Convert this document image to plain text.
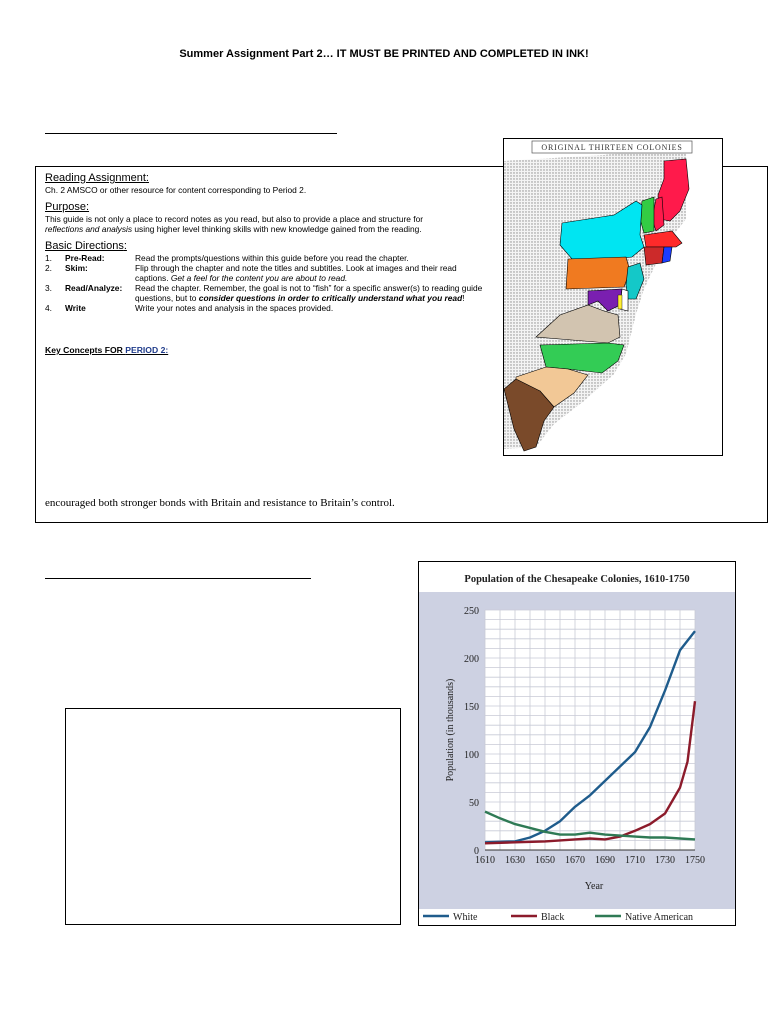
Summer Assignment Part 2… IT MUST BE PRINTED AND COMPLETED IN INK!
Reading Assignment:
Ch. 2 AMSCO or other resource for content corresponding to Period 2.
Purpose:
This guide is not only a place to record notes as you read, but also to provide a place and structure for
reflections and analysis using higher level thinking skills with new knowledge gained from the reading.
Basic Directions:
1.	Pre-Read:	Read the prompts/questions within this guide before you read the chapter.
2.	Skim:	Flip through the chapter and note the titles and subtitles. Look at images and their read captions. Get a feel for the content you are about to read.
3.	Read/Analyze:	Read the chapter. Remember, the goal is not to “fish” for a specific answer(s) to reading guide questions, but to consider questions in order to critically understand what you read!
4.	Write	Write your notes and analysis in the spaces provided.
Key Concepts FOR PERIOD 2:
encouraged both stronger bonds with Britain and resistance to Britain’s control.
ORIGINAL THIRTEEN COLONIES
Population of the Chesapeake Colonies, 1610-1750
0
50
100
150
200
250
1610 1630 1650 1670 1690 1710 1730 1750
Year
Population (in thousands)
White	Black	Native American
